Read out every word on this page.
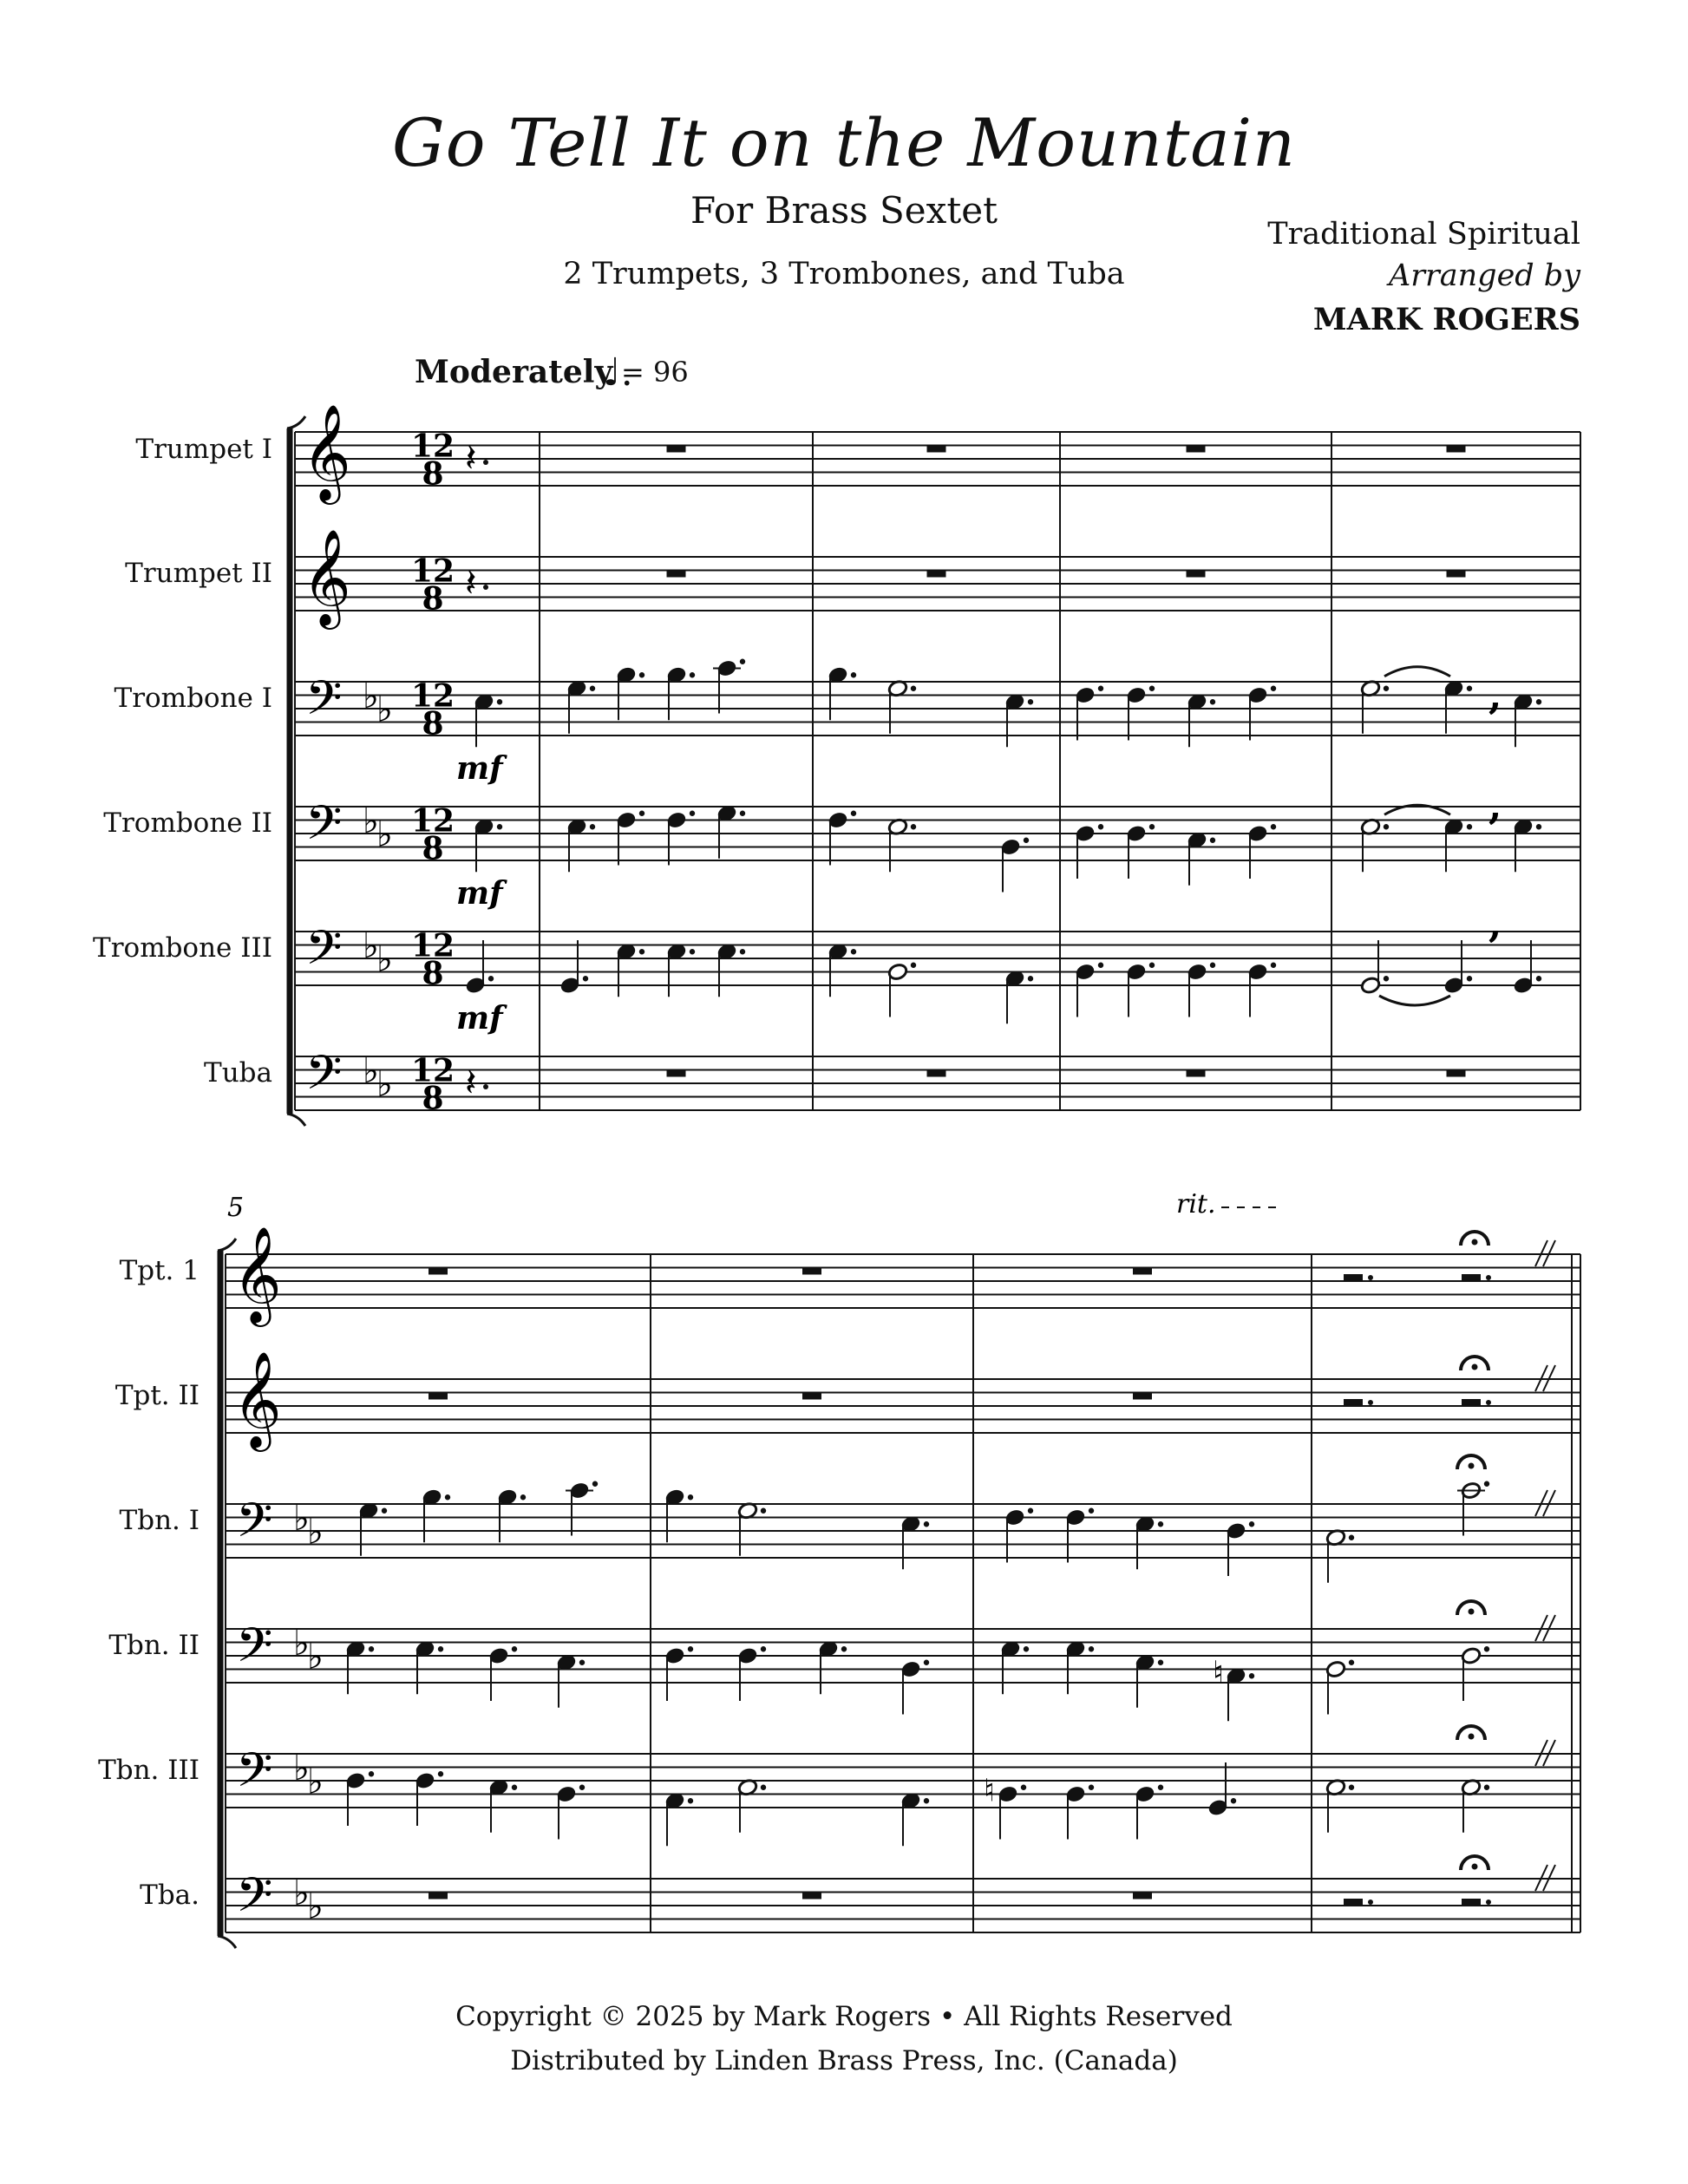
Go Tell It on the Mountain
For Brass Sextet
2 Trumpets, 3 Trombones, and Tuba
Traditional Spiritual
Arranged by
MARK ROGERS
Moderately
♩.
= 96
Trumpet I
Trumpet II
Trombone I
Trombone II
Trombone III
Tuba
Tpt. 1
Tpt. II
Tbn. I
Tbn. II
Tbn. III
Tba.
𝄞
𝄞
𝄢 ♭
♭
𝄢 ♭
♭
𝄢 ♭
♭
𝄢 ♭
♭
12
8
12
8
12
8
12
8
12
8
12
8
𝄽
𝄽
𝄽
,
mf
,
mf
,
mf
5	rit.
𝄞
𝄞
𝄢 ♭
♭
𝄢 ♭
♭
𝄢 ♭
♭
𝄢 ♭
♭
♮
♮
Copyright © 2025 by Mark Rogers • All Rights Reserved
Distributed by Linden Brass Press, Inc. (Canada)
